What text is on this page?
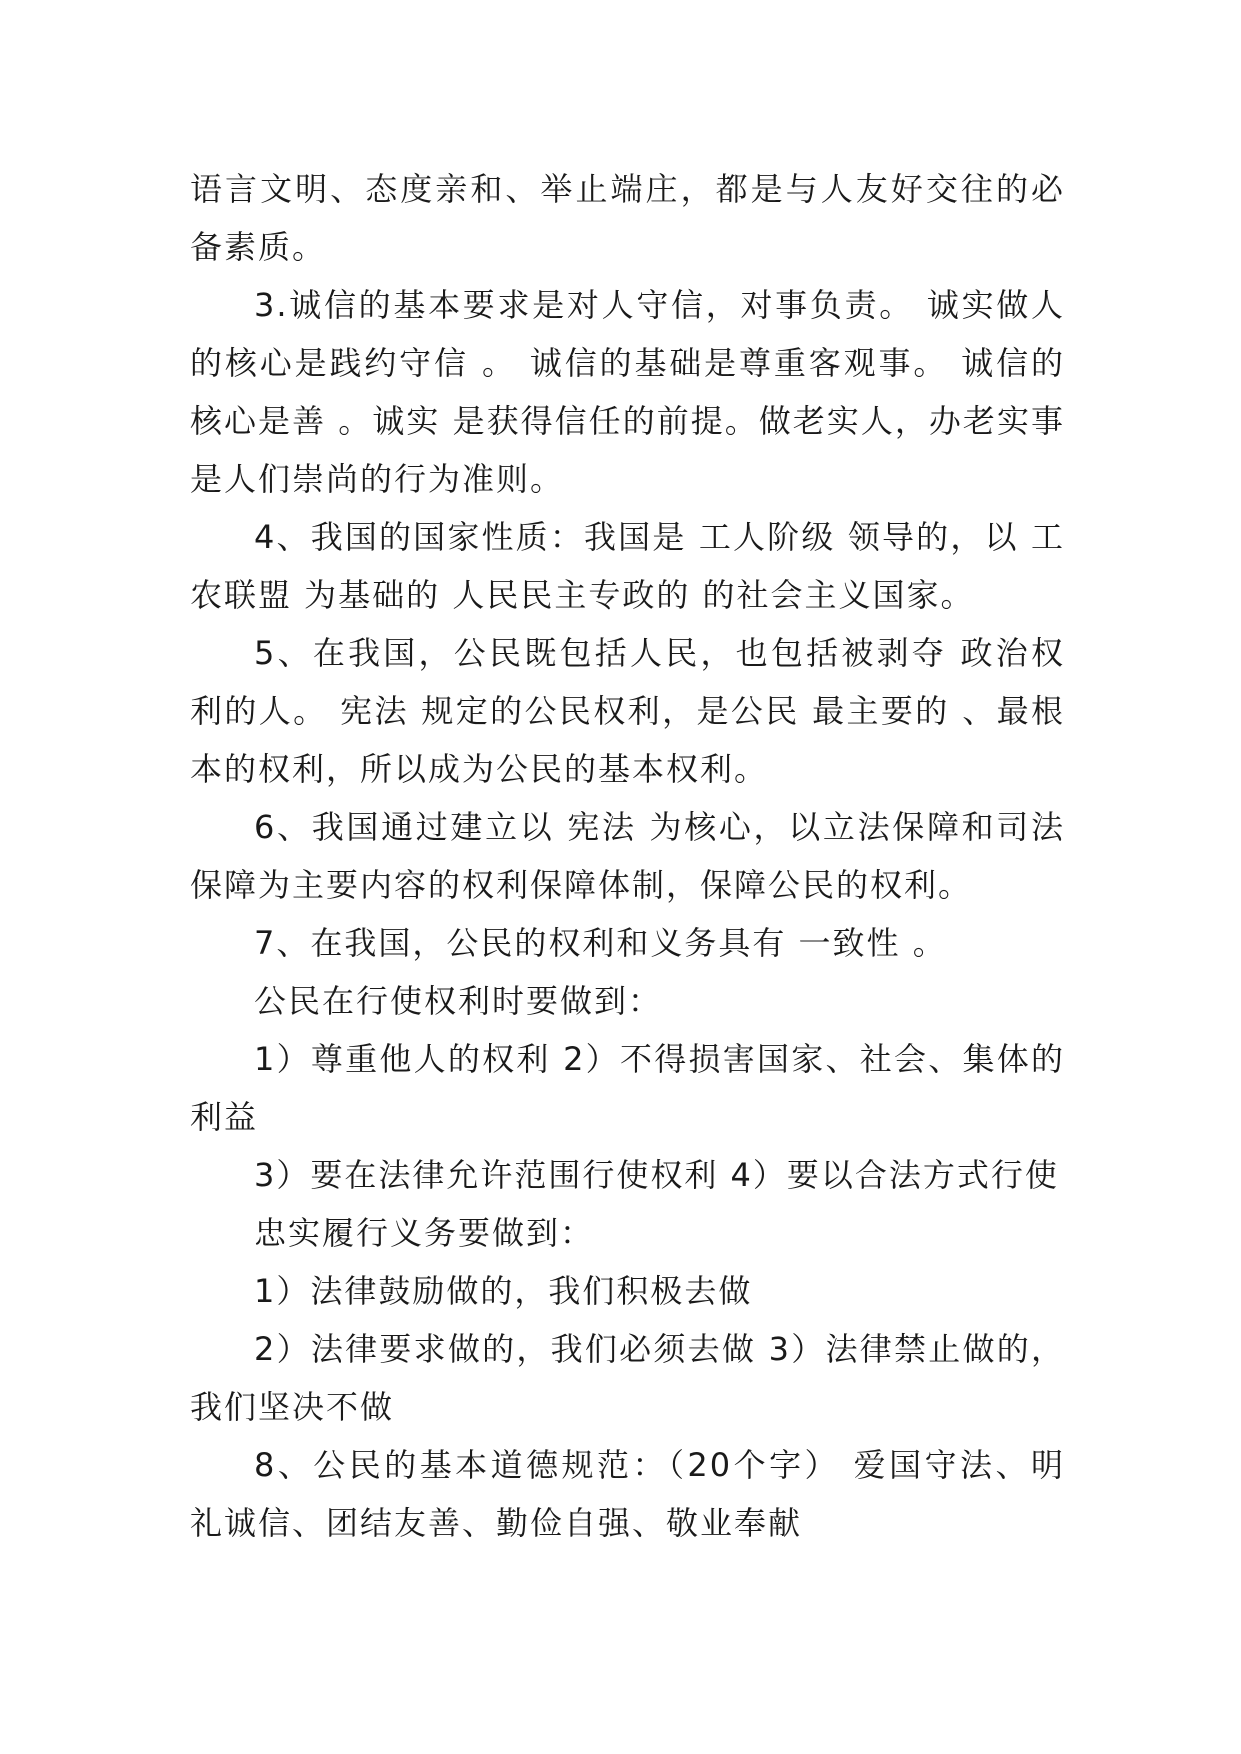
语言文明、态度亲和、举止端庄，都是与人友好交往的必备素质。

3.诚信的基本要求是对人守信，对事负责。 诚实做人的核心是践约守信 。 诚信的基础是尊重客观事。 诚信的核心是善 。诚实 是获得信任的前提。做老实人，办老实事是人们崇尚的行为准则。

4、我国的国家性质：我国是 工人阶级 领导的，以 工农联盟 为基础的 人民民主专政的 的社会主义国家。

5、在我国，公民既包括人民，也包括被剥夺 政治权利的人。 宪法 规定的公民权利，是公民 最主要的 、最根本的权利，所以成为公民的基本权利。

6、我国通过建立以 宪法 为核心，以立法保障和司法保障为主要内容的权利保障体制，保障公民的权利。

7、在我国，公民的权利和义务具有 一致性 。

公民在行使权利时要做到：

1）尊重他人的权利 2）不得损害国家、社会、集体的利益

3）要在法律允许范围行使权利 4）要以合法方式行使

忠实履行义务要做到：

1）法律鼓励做的，我们积极去做

2）法律要求做的，我们必须去做 3）法律禁止做的，我们坚决不做

8、公民的基本道德规范：（20个字） 爱国守法、明礼诚信、团结友善、勤俭自强、敬业奉献
